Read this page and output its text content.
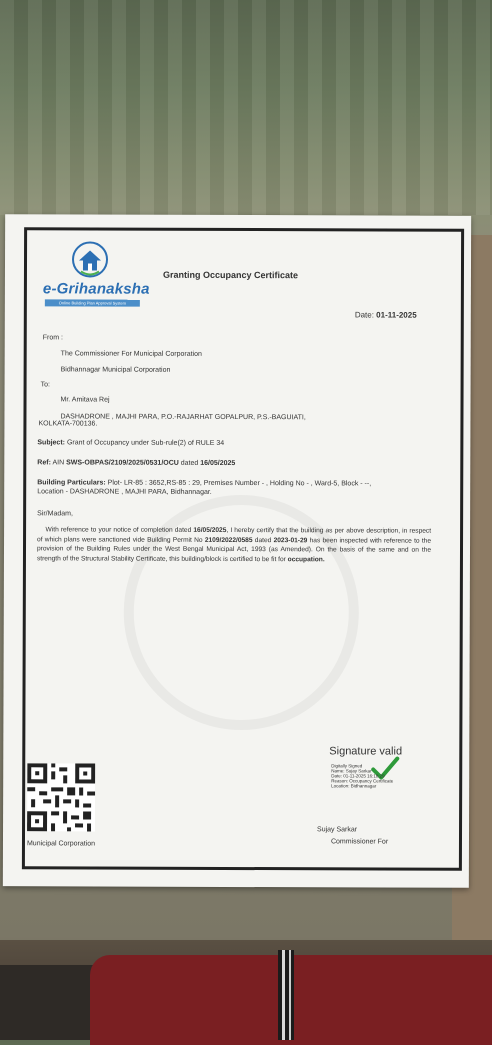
e-Grihanaksha
Online Building Plan Approval System
Granting Occupancy Certificate
Date: 01-11-2025
From :
The Commissioner For Municipal Corporation
Bidhannagar Municipal Corporation
To:
Mr. Amitava Rej
DASHADRONE , MAJHI PARA, P.O.-RAJARHAT GOPALPUR, P.S.-BAGUIATI,
KOLKATA-700136.
Subject: Grant of Occupancy under Sub-rule(2) of RULE 34
Ref: AIN SWS-OBPAS/2109/2025/0531/OCU dated 16/05/2025
Building Particulars: Plot- LR-85 : 3652,RS-85 : 29, Premises Number - , Holding No - , Ward-5, Block - --,
Location - DASHADRONE , MAJHI PARA, Bidhannagar.
Sir/Madam,
With reference to your notice of completion dated 16/05/2025, I hereby certify that the building as per above description, in respect of which plans were sanctioned vide Building Permit No 2109/2022/0585 dated 2023-01-29 has been inspected with reference to the provision of the Building Rules under the West Bengal Municipal Act, 1993 (as Amended). On the basis of the same and on the strength of the Structural Stability Certificate, this building/block is certified to be fit for occupation.
Municipal Corporation
Signature valid
Digitally Signed
Name: Sujay Sarkar
Date: 01-11-2025 16:18:29
Reason: Occupancy Certificate
Location: Bidhannagar
Sujay Sarkar
Commissioner For
